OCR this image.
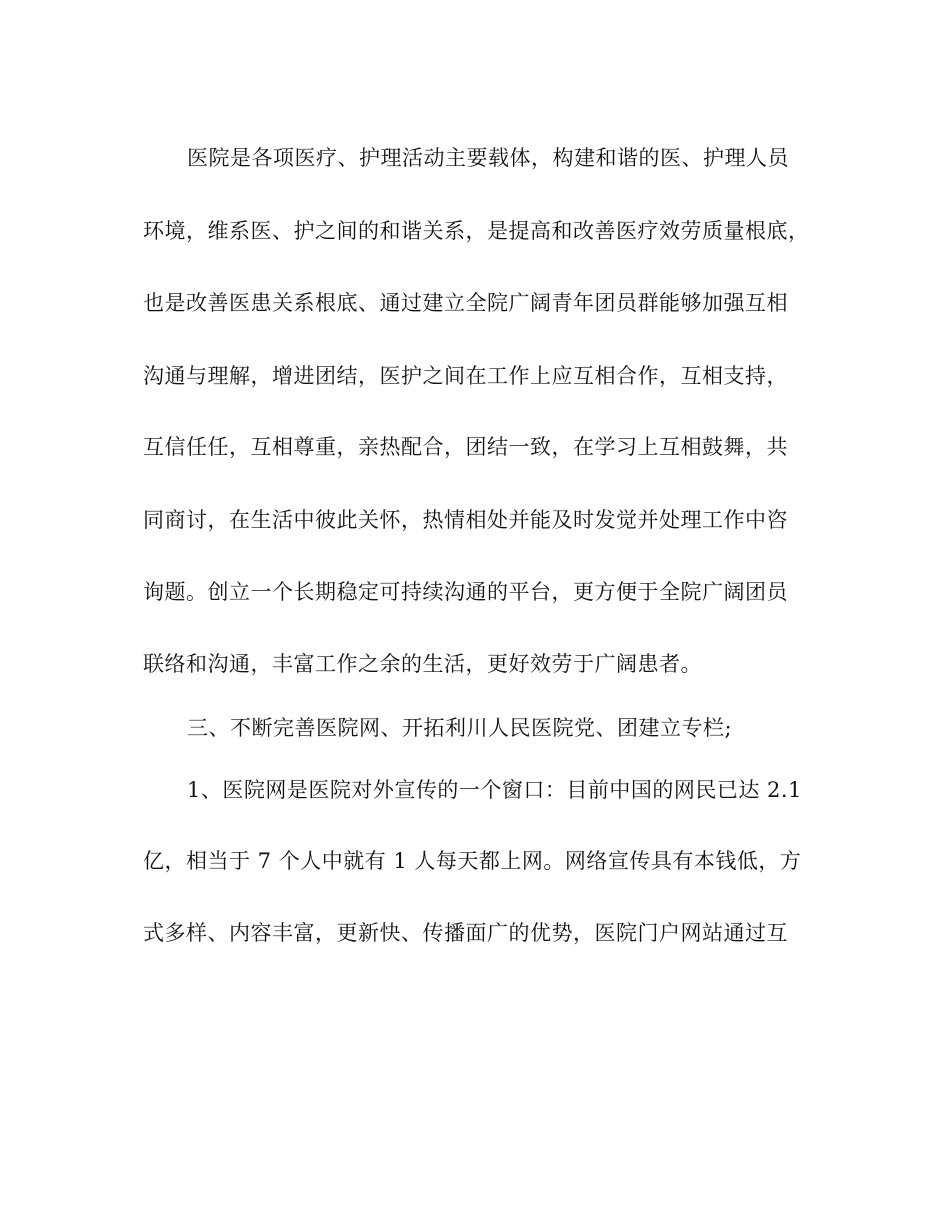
医院是各项医疗、护理活动主要载体，构建和谐的医、护理人员
环境，维系医、护之间的和谐关系，是提高和改善医疗效劳质量根底，
也是改善医患关系根底、通过建立全院广阔青年团员群能够加强互相
沟通与理解，增进团结，医护之间在工作上应互相合作，互相支持，
互信任任，互相尊重，亲热配合，团结一致，在学习上互相鼓舞，共
同商讨，在生活中彼此关怀，热情相处并能及时发觉并处理工作中咨
询题。创立一个长期稳定可持续沟通的平台，更方便于全院广阔团员
联络和沟通，丰富工作之余的生活，更好效劳于广阔患者。
三、不断完善医院网、开拓利川人民医院党、团建立专栏;
1、医院网是医院对外宣传的一个窗口：目前中国的网民已达 2.1
亿，相当于 7 个人中就有 1 人每天都上网。网络宣传具有本钱低，方
式多样、内容丰富，更新快、传播面广的优势，医院门户网站通过互
